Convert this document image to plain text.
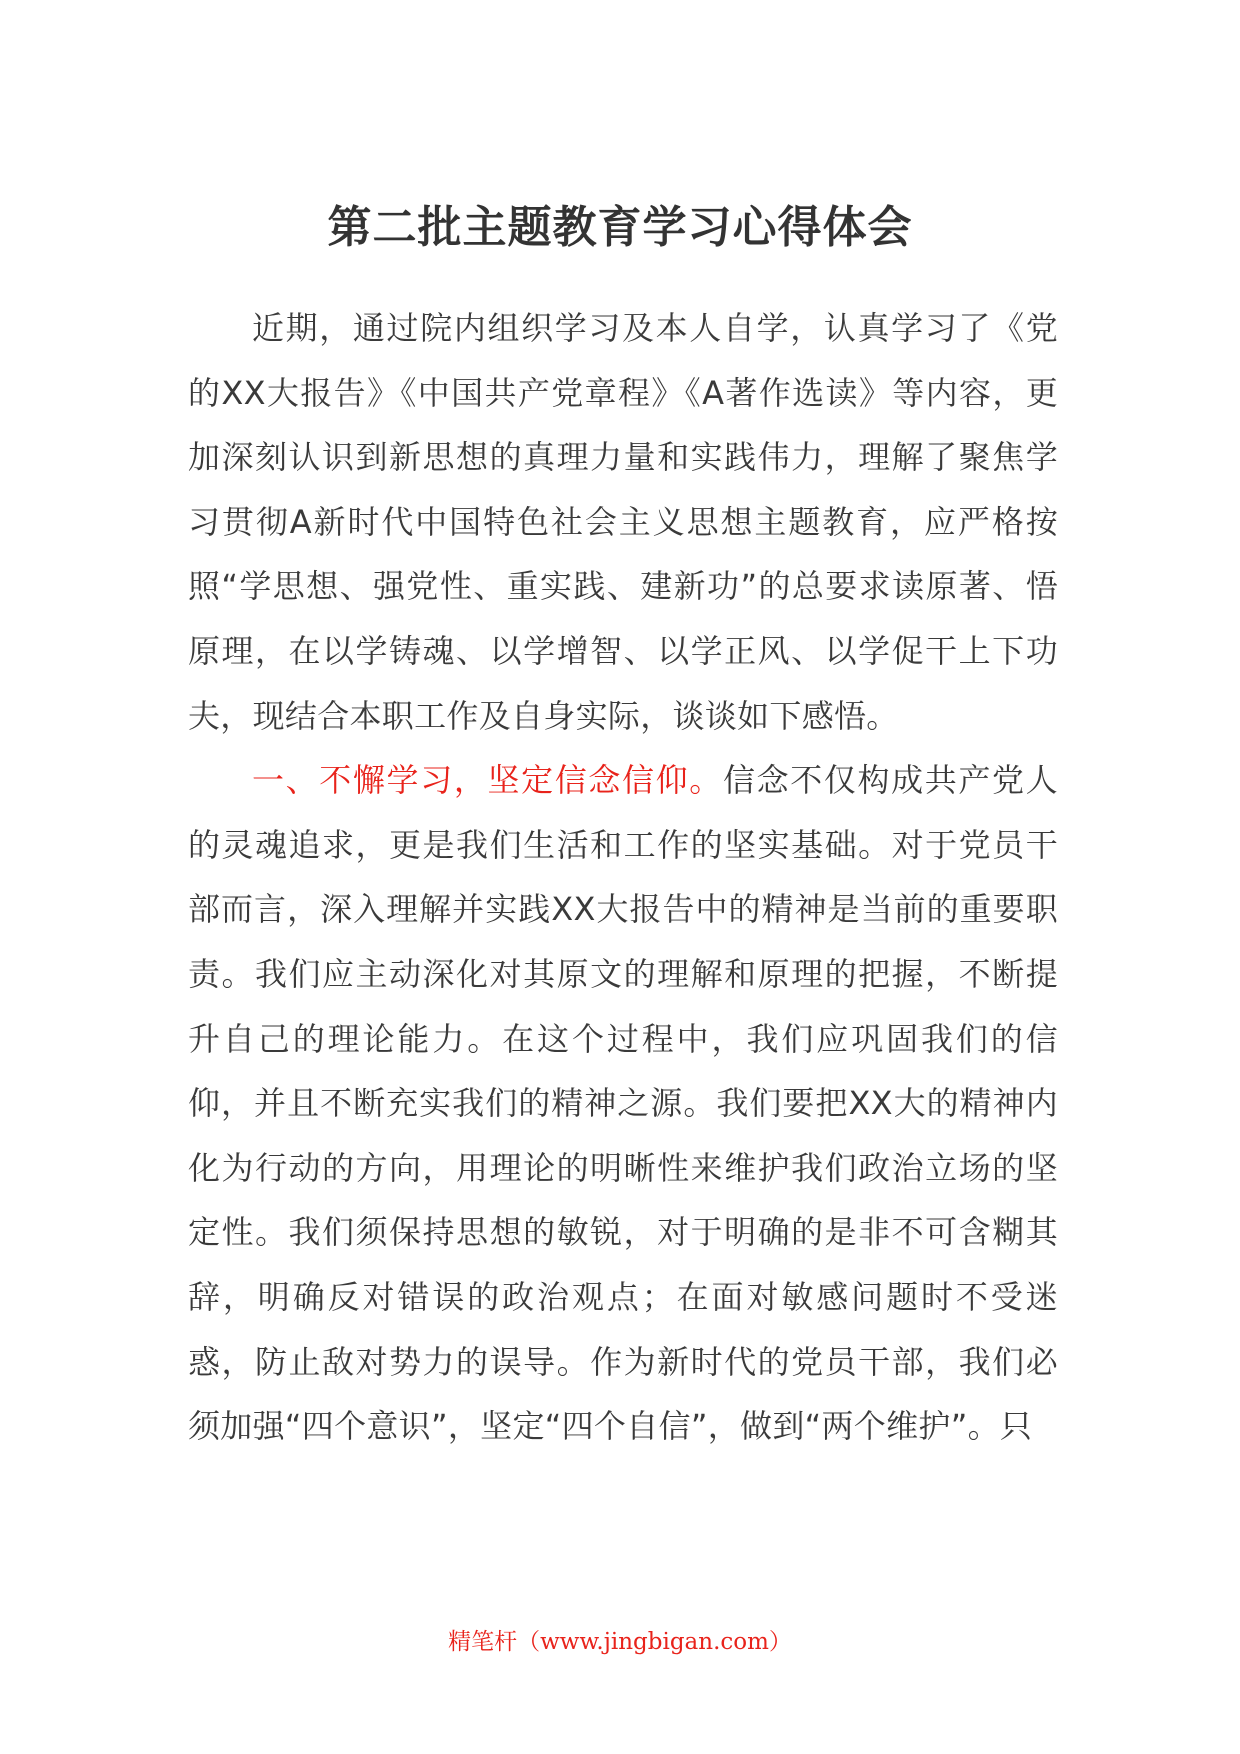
第二批主题教育学习心得体会

近期，通过院内组织学习及本人自学，认真学习了《党的XX大报告》《中国共产党章程》《A著作选读》等内容，更加深刻认识到新思想的真理力量和实践伟力，理解了聚焦学习贯彻A新时代中国特色社会主义思想主题教育，应严格按照“学思想、强党性、重实践、建新功”的总要求读原著、悟原理，在以学铸魂、以学增智、以学正风、以学促干上下功夫，现结合本职工作及自身实际，谈谈如下感悟。

一、不懈学习，坚定信念信仰。信念不仅构成共产党人的灵魂追求，更是我们生活和工作的坚实基础。对于党员干部而言，深入理解并实践XX大报告中的精神是当前的重要职责。我们应主动深化对其原文的理解和原理的把握，不断提升自己的理论能力。在这个过程中，我们应巩固我们的信仰，并且不断充实我们的精神之源。我们要把XX大的精神内化为行动的方向，用理论的明晰性来维护我们政治立场的坚定性。我们须保持思想的敏锐，对于明确的是非不可含糊其辞，明确反对错误的政治观点；在面对敏感问题时不受迷惑，防止敌对势力的误导。作为新时代的党员干部，我们必须加强“四个意识”，坚定“四个自信”，做到“两个维护”。只

精笔杆（www.jingbigan.com）
